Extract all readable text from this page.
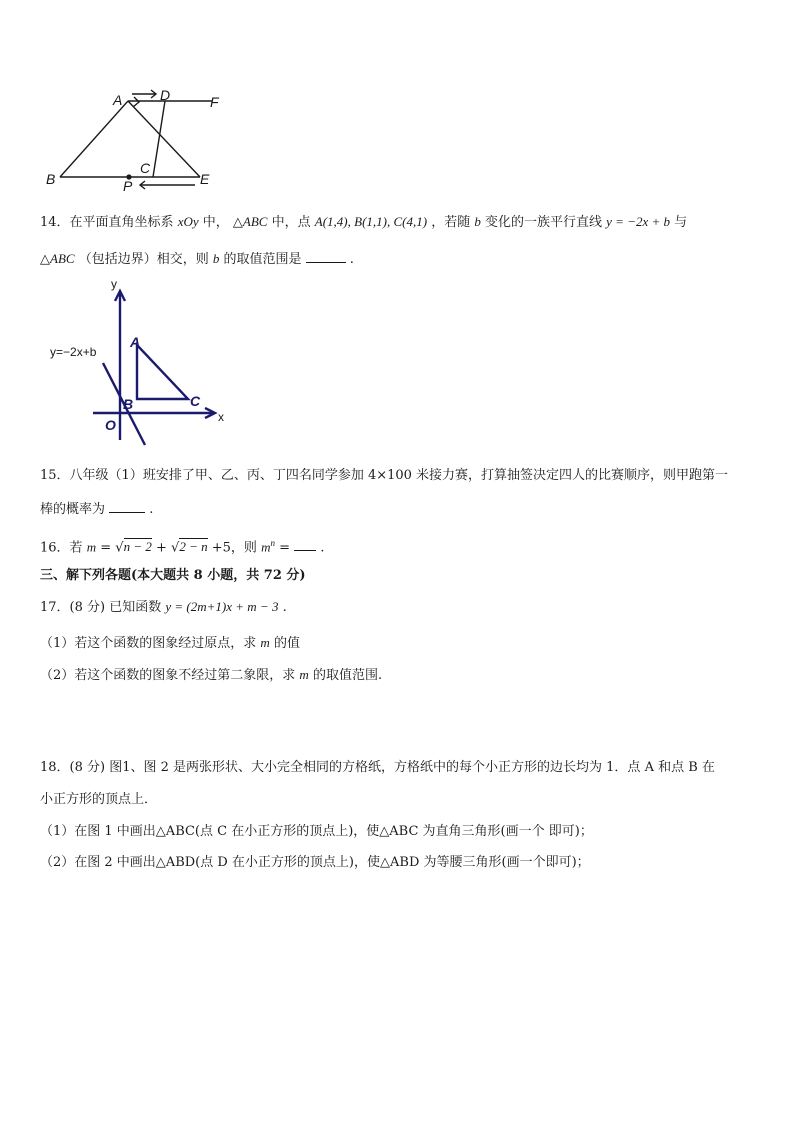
A	D	F
B
C
P	E
14．在平面直角坐标系 xOy 中， △ABC 中，点 A(1,4), B(1,1), C(4,1) ，若随 b 变化的一族平行直线 y = −2x + b 与
△ABC （包括边界）相交，则 b 的取值范围是	.
A
B	C
O
y
x
y=−2x+b
15．八年级（1）班安排了甲、乙、丙、丁四名同学参加 4×100 米接力赛，打算抽签决定四人的比赛顺序，则甲跑第一
棒的概率为	.
16．若 m = √n − 2 + √2 − n +5，则 $m^n$ = .
三、解下列各题(本大题共 8 小题，共 72 分)
17．(8 分) 已知函数 y = (2m+1)x + m − 3 .
（1）若这个函数的图象经过原点，求 m 的值
（2）若这个函数的图象不经过第二象限，求 m 的取值范围.
18．(8 分) 图1、图 2 是两张形状、大小完全相同的方格纸，方格纸中的每个小正方形的边长均为 1．点 A 和点 B 在
小正方形的顶点上．
（1）在图 1 中画出△ABC(点 C 在小正方形的顶点上)，使△ABC 为直角三角形(画一个 即可)；
（2）在图 2 中画出△ABD(点 D 在小正方形的顶点上)，使△ABD 为等腰三角形(画一个即可)；
